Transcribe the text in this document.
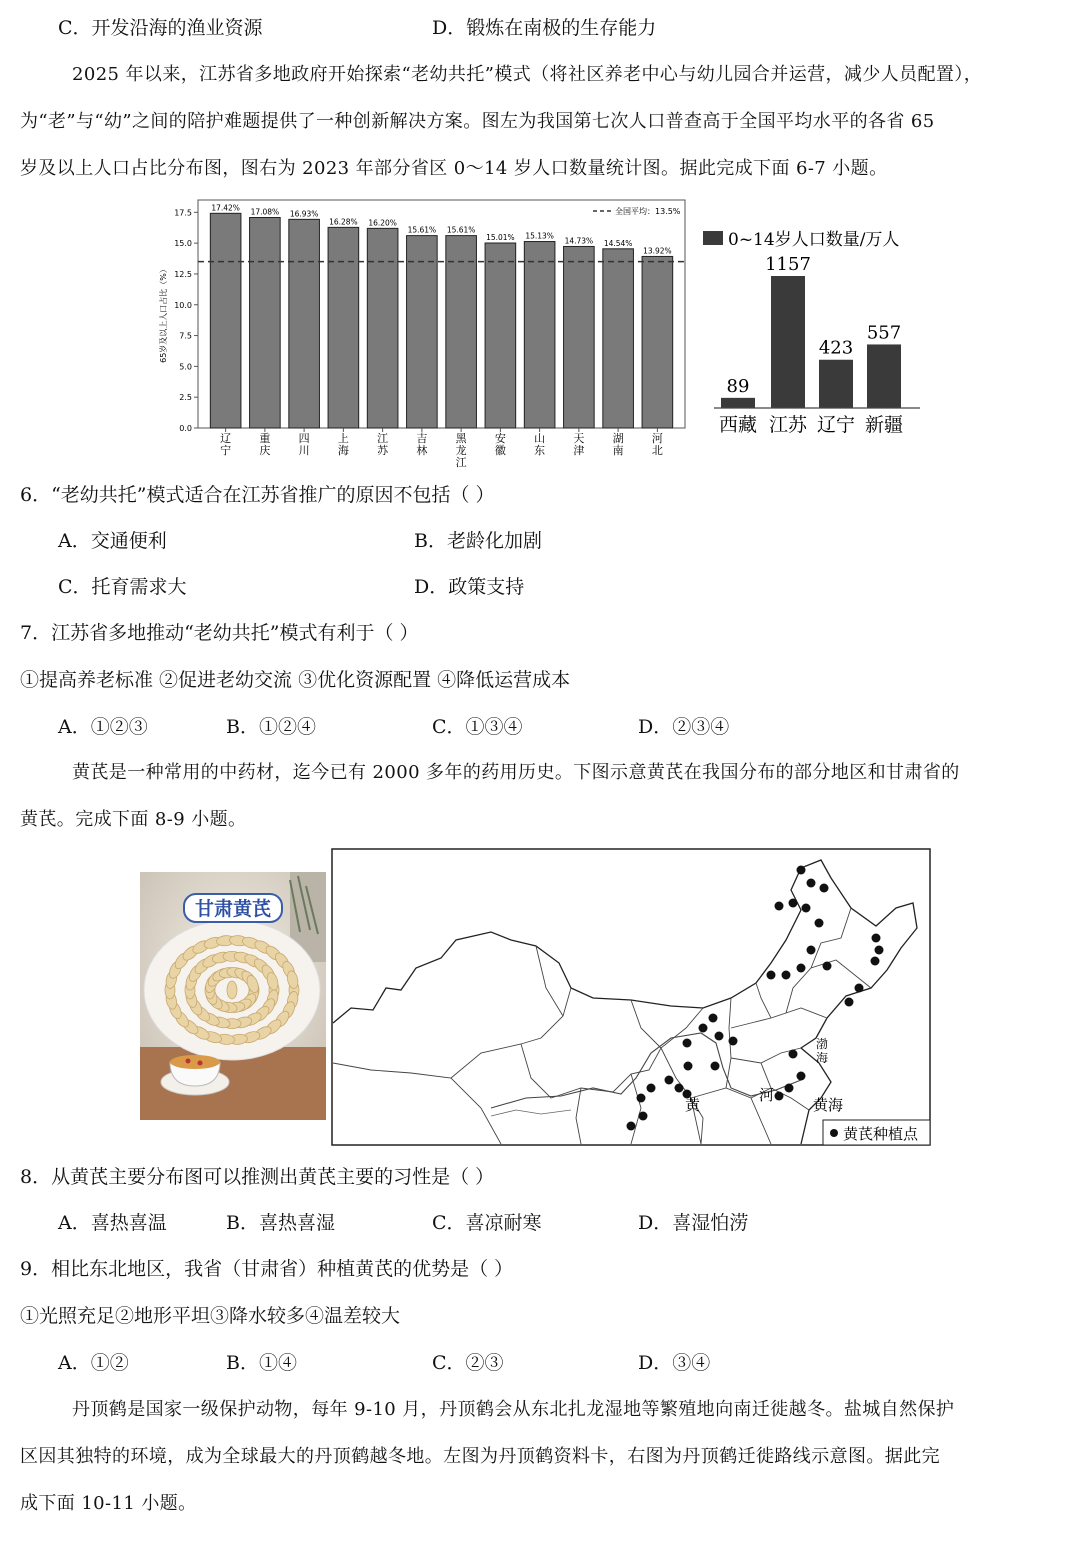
C．开发沿海的渔业资源	D．锻炼在南极的生存能力
2025 年以来，江苏省多地政府开始探索“老幼共托”模式（将社区养老中心与幼儿园合并运营，减少人员配置），
为“老”与“幼”之间的陪护难题提供了一种创新解决方案。图左为我国第七次人口普查高于全国平均水平的各省 65
岁及以上人口占比分布图，图右为 2023 年部分省区 0～14 岁人口数量统计图。据此完成下面 6-7 小题。
65岁及以上人口占比（%）
0.0
2.5
5.0
7.5
10.0
12.5
15.0
17.5
17.42%
辽
宁
17.08%
重
庆
16.93%
四
川
16.28%
上
海
16.20%
江
苏
15.61%
吉
林
15.61%
黑
龙
江
15.01%
安
徽
15.13%
山
东
14.73%
天
津
14.54%
湖
南
13.92%
河
北
全国平均：13.5%
0~14岁人口数量/万人
89
西藏
1157
江苏
423
辽宁
557
新疆
6．“老幼共托”模式适合在江苏省推广的原因不包括（ ）
A．交通便利	B．老龄化加剧
C．托育需求大	D．政策支持
7．江苏省多地推动“老幼共托”模式有利于（ ）
①提高养老标准 ②促进老幼交流 ③优化资源配置 ④降低运营成本
A．①②③	B．①②④	C．①③④	D．②③④
黄芪是一种常用的中药材，迄今已有 2000 多年的药用历史。下图示意黄芪在我国分布的部分地区和甘肃省的
黄芪。完成下面 8-9 小题。
甘肃黄芪
渤
海
黄
河
黄海
黄芪种植点
8．从黄芪主要分布图可以推测出黄芪主要的习性是（ ）
A．喜热喜温	B．喜热喜湿	C．喜凉耐寒	D．喜湿怕涝
9．相比东北地区，我省（甘肃省）种植黄芪的优势是（ ）
①光照充足②地形平坦③降水较多④温差较大
A．①②	B．①④	C．②③	D．③④
丹顶鹤是国家一级保护动物，每年 9-10 月，丹顶鹤会从东北扎龙湿地等繁殖地向南迁徙越冬。盐城自然保护
区因其独特的环境，成为全球最大的丹顶鹤越冬地。左图为丹顶鹤资料卡，右图为丹顶鹤迁徙路线示意图。据此完
成下面 10-11 小题。
